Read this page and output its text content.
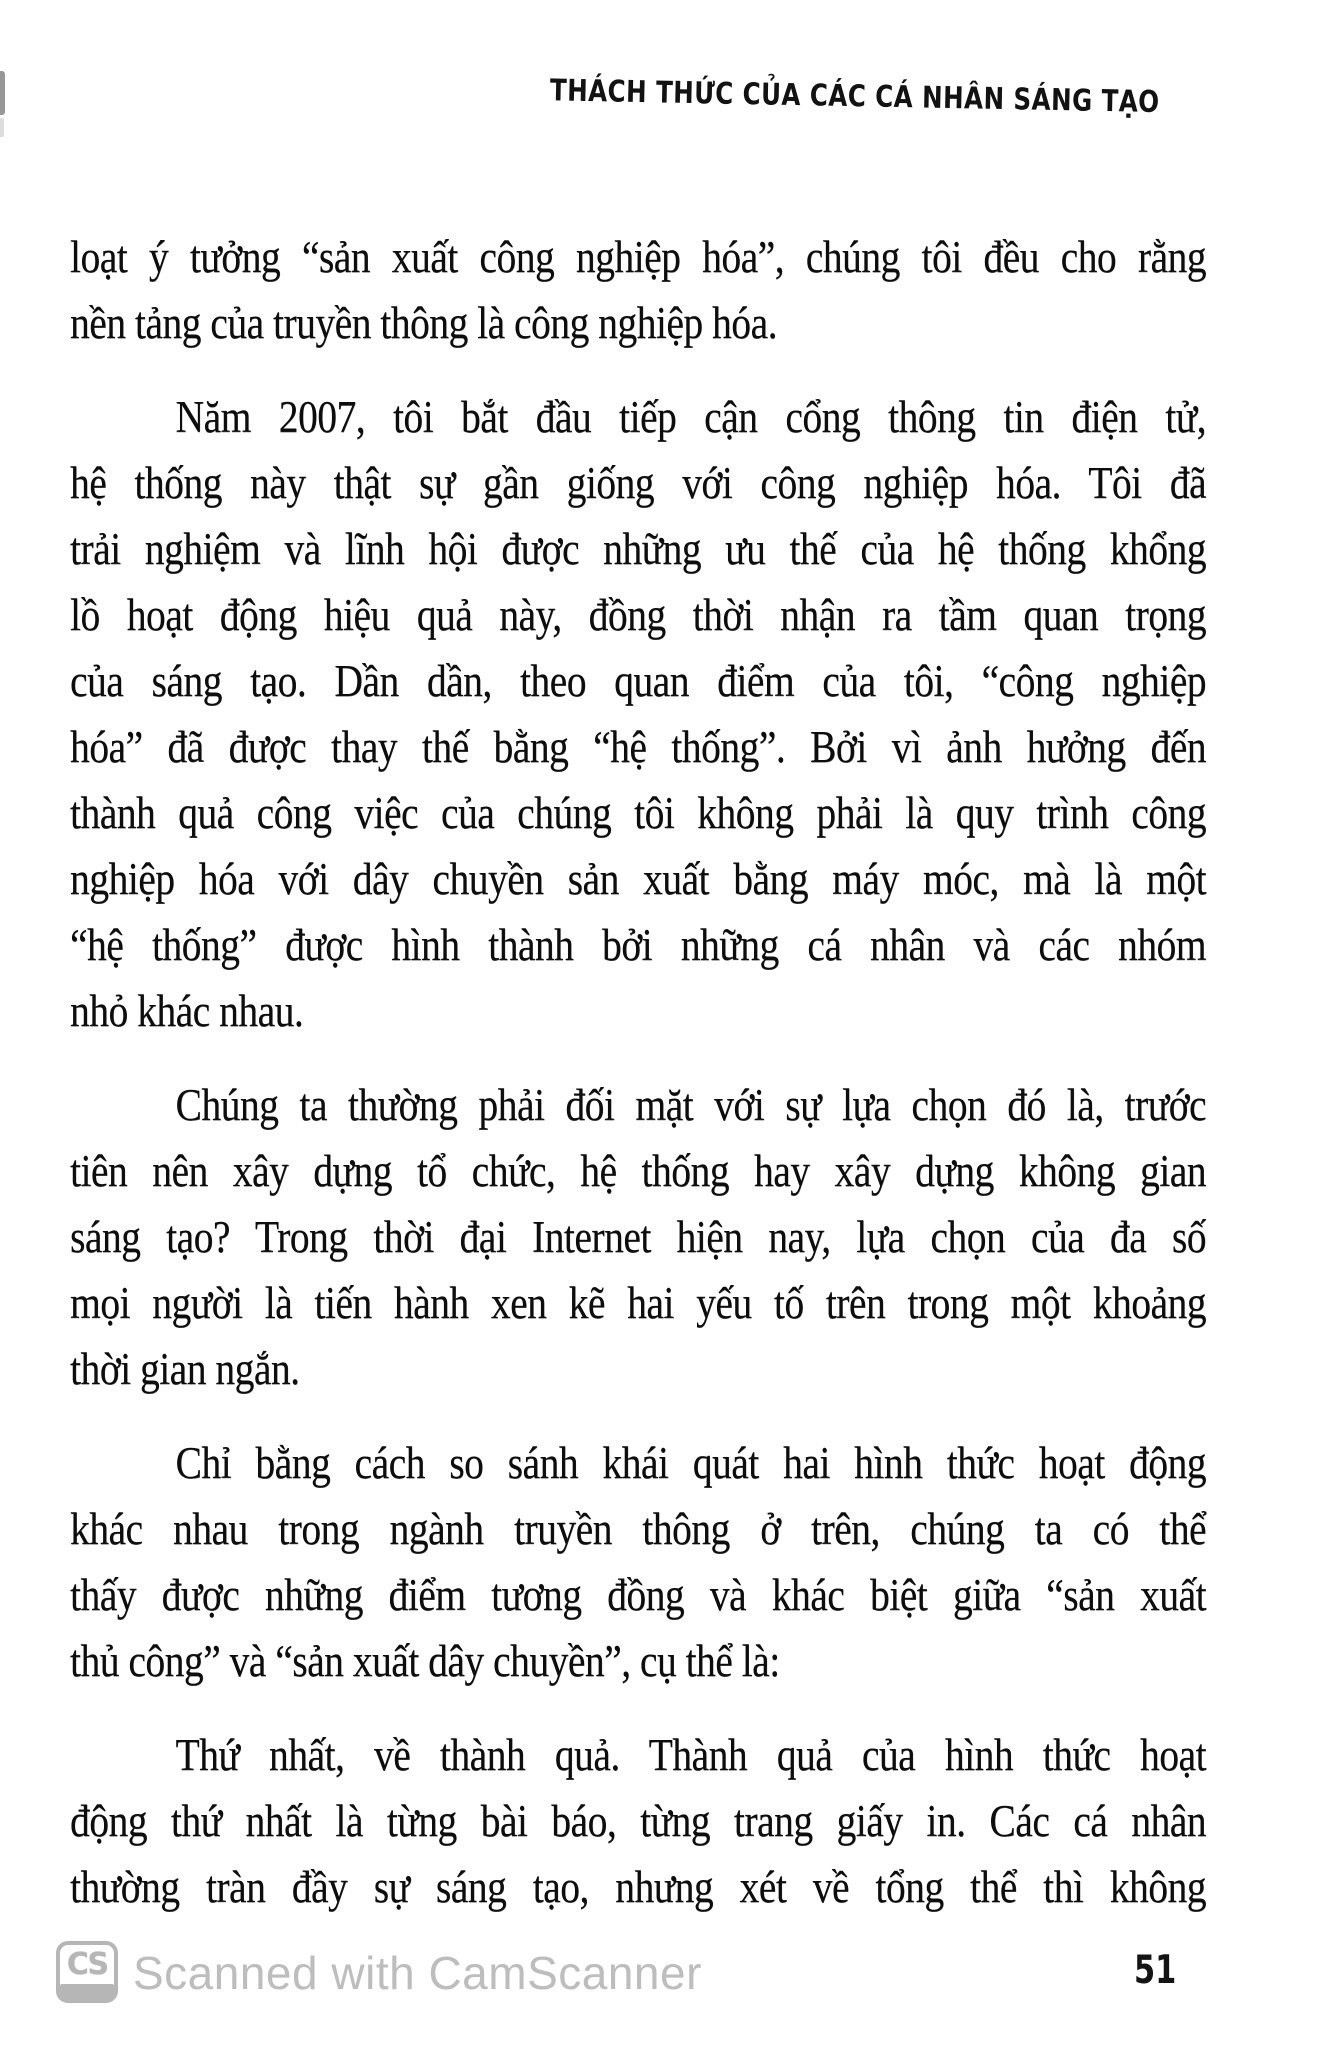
THÁCH THỨC CỦA CÁC CÁ NHÂN SÁNG TẠO
loạt ý tưởng “sản xuất công nghiệp hóa”, chúng tôi đều cho rằng
nền tảng của truyền thông là công nghiệp hóa.
Năm 2007, tôi bắt đầu tiếp cận cổng thông tin điện tử,
hệ thống này thật sự gần giống với công nghiệp hóa. Tôi đã
trải nghiệm và lĩnh hội được những ưu thế của hệ thống khổng
lồ hoạt động hiệu quả này, đồng thời nhận ra tầm quan trọng
của sáng tạo. Dần dần, theo quan điểm của tôi, “công nghiệp
hóa” đã được thay thế bằng “hệ thống”. Bởi vì ảnh hưởng đến
thành quả công việc của chúng tôi không phải là quy trình công
nghiệp hóa với dây chuyền sản xuất bằng máy móc, mà là một
“hệ thống” được hình thành bởi những cá nhân và các nhóm
nhỏ khác nhau.
Chúng ta thường phải đối mặt với sự lựa chọn đó là, trước
tiên nên xây dựng tổ chức, hệ thống hay xây dựng không gian
sáng tạo? Trong thời đại Internet hiện nay, lựa chọn của đa số
mọi người là tiến hành xen kẽ hai yếu tố trên trong một khoảng
thời gian ngắn.
Chỉ bằng cách so sánh khái quát hai hình thức hoạt động
khác nhau trong ngành truyền thông ở trên, chúng ta có thể
thấy được những điểm tương đồng và khác biệt giữa “sản xuất
thủ công” và “sản xuất dây chuyền”, cụ thể là:
Thứ nhất, về thành quả. Thành quả của hình thức hoạt
động thứ nhất là từng bài báo, từng trang giấy in. Các cá nhân
thường tràn đầy sự sáng tạo, nhưng xét về tổng thể thì không
CS Scanned with CamScanner	51
